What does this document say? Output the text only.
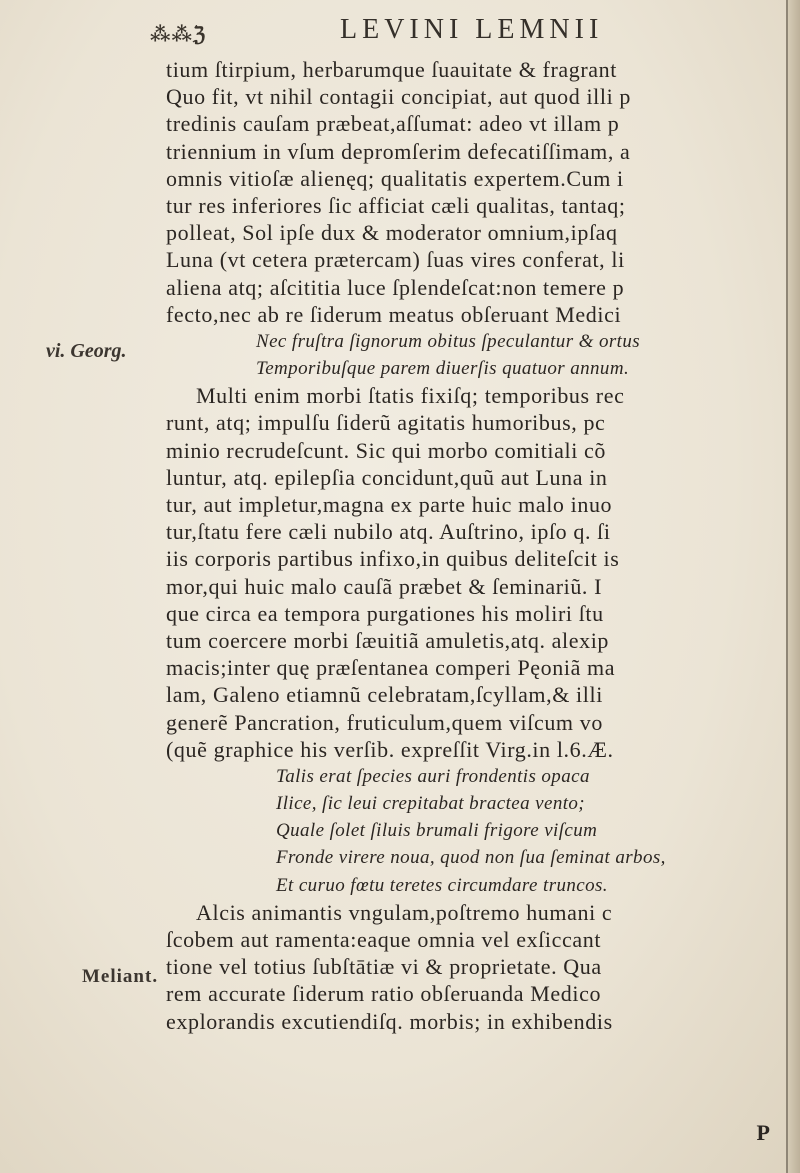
⁂⁂ℨ	LEVINI LEMNII
vi. Georg.
Meliant.
tium ſtirpium, herbarumque ſuauitate & fragrant
Quo fit, vt nihil contagii concipiat, aut quod illi p
tredinis cauſam præbeat,aſſumat: adeo vt illam p
triennium in vſum depromſerim defecatiſſimam, a
omnis vitioſæ alienęq; qualitatis expertem.Cum i
tur res inferiores ſic afficiat cæli qualitas, tantaq;
polleat, Sol ipſe dux & moderator omnium,ipſaq
Luna (vt cetera prætercam) ſuas vires conferat, li
aliena atq; aſcititia luce ſplendeſcat:non temere p
fecto,nec ab re ſiderum meatus obſeruant Medici
Nec fruſtra ſignorum obitus ſpeculantur & ortus
Temporibuſque parem diuerſis quatuor annum.
Multi enim morbi ſtatis fixiſq; temporibus rec
runt, atq; impulſu ſiderũ agitatis humoribus, pc
minio recrudeſcunt. Sic qui morbo comitiali cõ
luntur, atq. epilepſia concidunt,quũ aut Luna in
tur, aut impletur,magna ex parte huic malo inuo
tur,ſtatu fere cæli nubilo atq. Auſtrino, ipſo q. ſi
iis corporis partibus infixo,in quibus deliteſcit is
mor,qui huic malo cauſã præbet & ſeminariũ. I
que circa ea tempora purgationes his moliri ſtu
tum coercere morbi ſæuitiã amuletis,atq. alexip
macis;inter quę præſentanea comperi Pęoniã ma
lam, Galeno etiamnũ celebratam,ſcyllam,& illi
generẽ Pancration, fruticulum,quem viſcum vo
(quẽ graphice his verſib. expreſſit Virg.in l.6.Æ.
Talis erat ſpecies auri frondentis opaca
Ilice, ſic leui crepitabat bractea vento;
Quale ſolet ſiluis brumali frigore viſcum
Fronde virere noua, quod non ſua ſeminat arbos,
Et curuo fœtu teretes circumdare truncos.
Alcis animantis vngulam,poſtremo humani c
ſcobem aut ramenta:eaque omnia vel exſiccant
tione vel totius ſubſtātiæ vi & proprietate. Qua
rem accurate ſiderum ratio obſeruanda Medico
explorandis excutiendiſq. morbis; in exhibendis
P
